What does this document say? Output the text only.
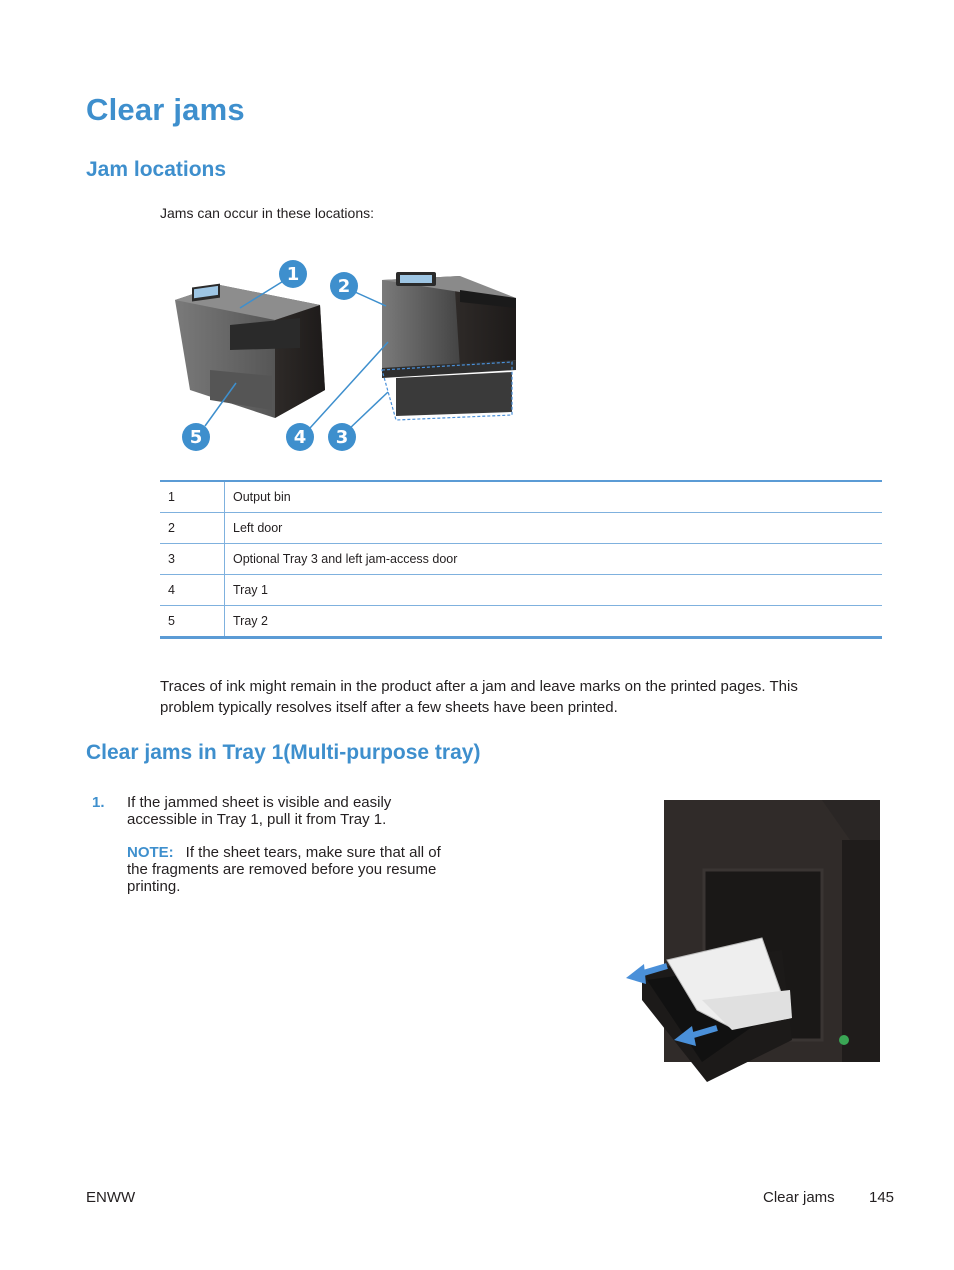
Clear jams
Jam locations

Jams can occur in these locations:

1
2
3
4
5
1	Output bin
2	Left door
3	Optional Tray 3 and left jam-access door
4	Tray 1
5	Tray 2

Traces of ink might remain in the product after a jam and leave marks on the printed pages. This problem typically resolves itself after a few sheets have been printed.

Clear jams in Tray 1(Multi-purpose tray)
1. If the jammed sheet is visible and easily accessible in Tray 1, pull it from Tray 1.
NOTE: If the sheet tears, make sure that all of the fragments are removed before you resume printing.
ENWW	Clear jams 145
